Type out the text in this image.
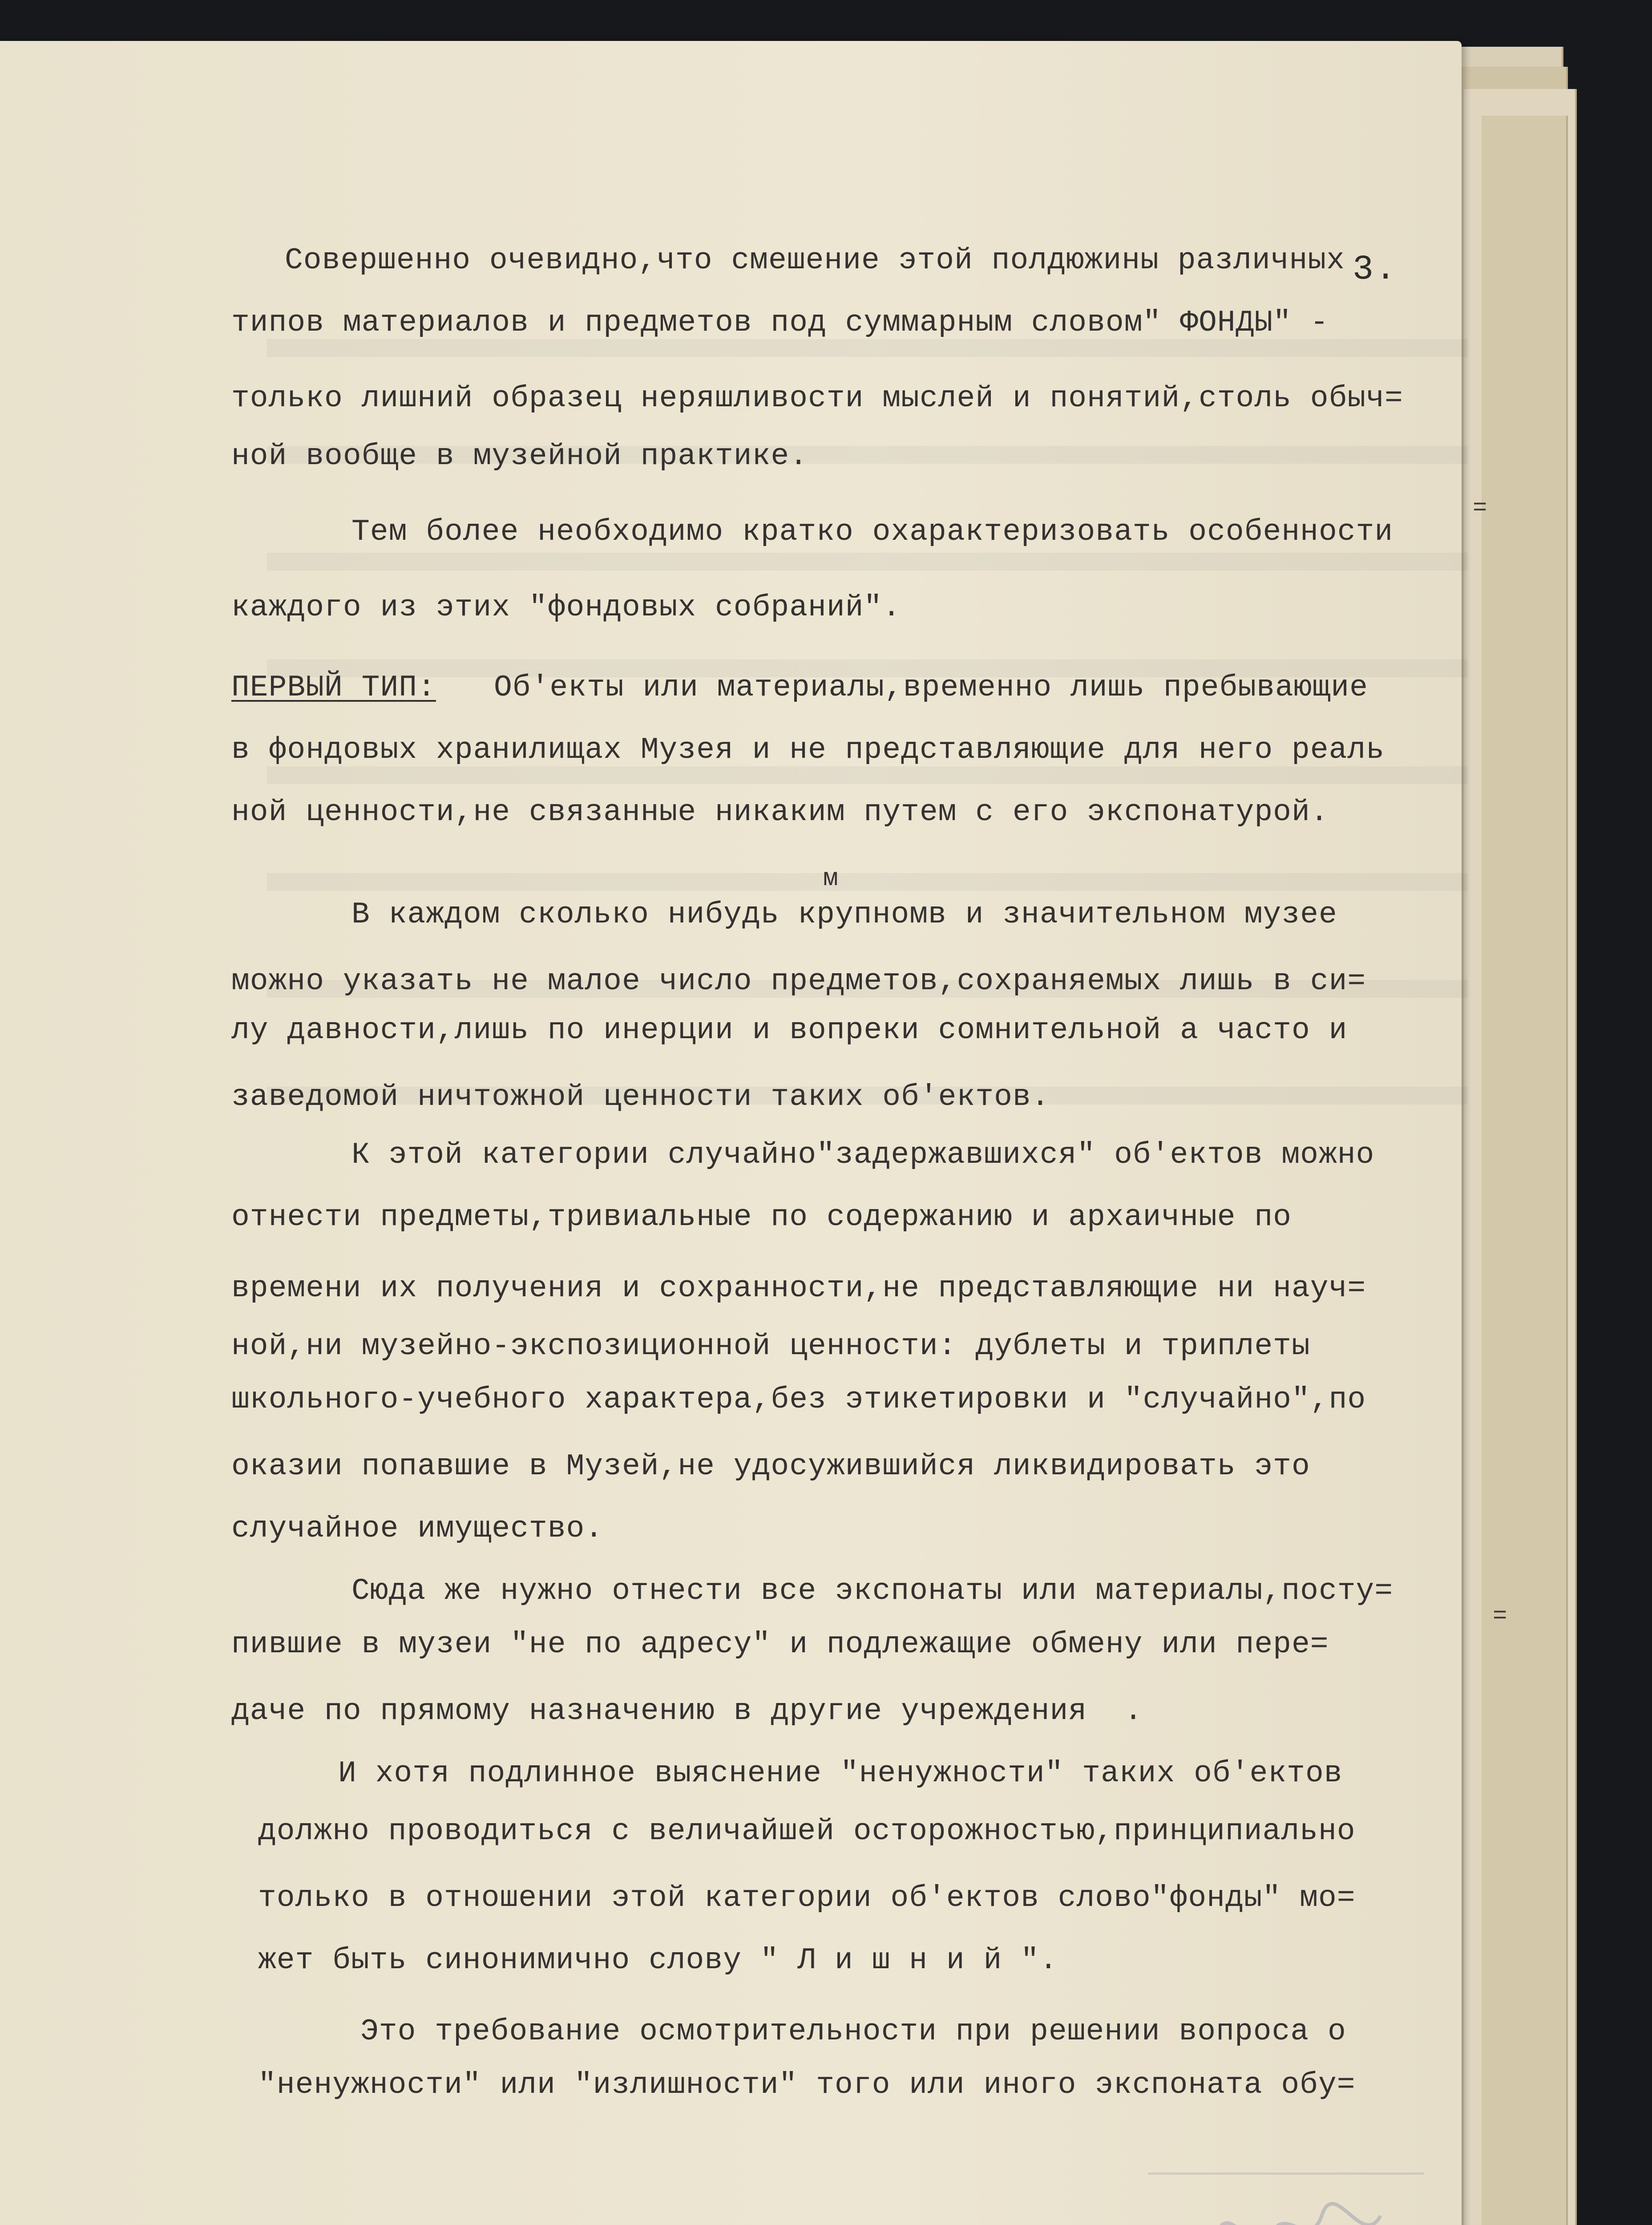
3.
Совершенно очевидно,что смешение этой полдюжины различных
типов материалов и предметов под суммарным словом" ФОНДЫ" -
только лишний образец неряшливости мыслей и понятий,столь обыч=
ной вообще в музейной практике.
Тем более необходимо кратко охарактеризовать особенности
каждого из этих "фондовых собраний".
ПЕРВЫЙ ТИП: Об'екты или материалы,временно лишь пребывающие
в фондовых хранилищах Музея и не представляющие для него реаль
ной ценности,не связанные никаким путем с его экспонатурой.
м
В каждом сколько нибудь крупномв и значительном музее
можно указать не малое число предметов,сохраняемых лишь в си=
лу давности,лишь по инерции и вопреки сомнительной а часто и
заведомой ничтожной ценности таких об'ектов.
К этой категории случайно"задержавшихся" об'ектов можно
отнести предметы,тривиальные по содержанию и архаичные по
времени их получения и сохранности,не представляющие ни науч=
ной,ни музейно-экспозиционной ценности: дублеты и триплеты
школьного-учебного характера,без этикетировки и "случайно",по
оказии попавшие в Музей,не удосужившийся ликвидировать это
случайное имущество.
Сюда же нужно отнести все экспонаты или материалы,посту=
пившие в музеи "не по адресу" и подлежащие обмену или пере=
даче по прямому назначению в другие учреждения  .
И хотя подлинное выяснение "ненужности" таких об'ектов
должно проводиться с величайшей осторожностью,принципиально
только в отношении этой категории об'ектов слово"фонды" мо=
жет быть синонимично слову " Л и ш н и й ".
Это требование осмотрительности при решении вопроса о
"ненужности" или "излишности" того или иного экспоната обу=
=
=
